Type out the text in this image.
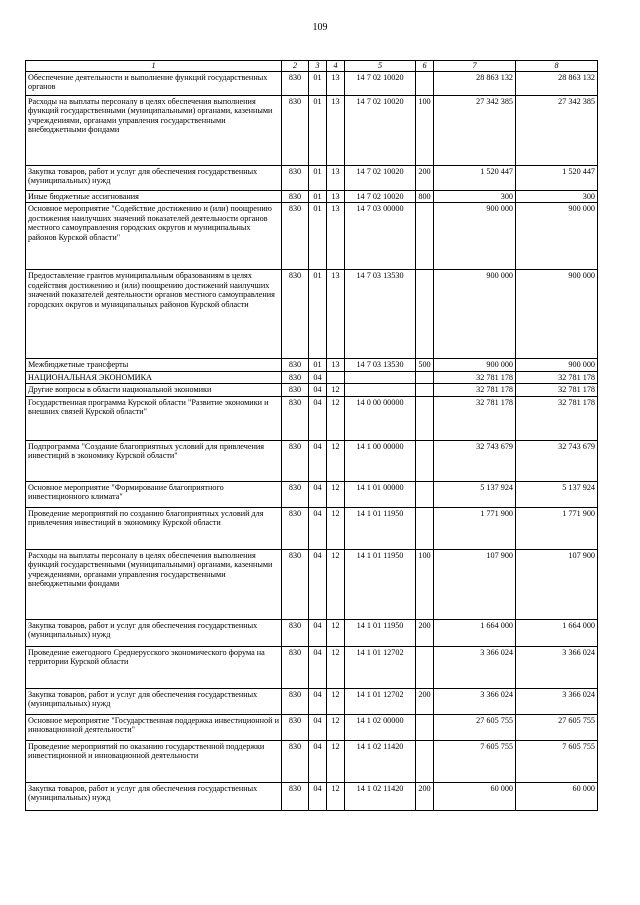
109
1	2	3	4	5	6	7	8
Обеспечение деятельности и выполнение функций государственных органов	830	01	13	14 7 02 10020		28 863 132	28 863 132
Расходы на выплаты персоналу в целях обеспечения выполнения функций государственными (муниципальными) органами, казенными учреждениями, органами управления государственными внебюджетными фондами	830	01	13	14 7 02 10020	100	27 342 385	27 342 385
Закупка товаров, работ и услуг для обеспечения государственных (муниципальных) нужд	830	01	13	14 7 02 10020	200	1 520 447	1 520 447
Иные бюджетные ассигнования	830	01	13	14 7 02 10020	800	300	300
Основное мероприятие "Содействие достижению и (или) поощрению достижения наилучших значений показателей деятельности органов местного самоуправления городских округов и муниципальных районов Курской области"	830	01	13	14 7 03 00000		900 000	900 000
Предоставление грантов муниципальным образованиям в целях содействия достижению и (или) поощрению достижений наилучших значений показателей деятельности органов местного самоуправления городских округов и муниципальных районов Курской области	830	01	13	14 7 03 13530		900 000	900 000
Межбюджетные трансферты	830	01	13	14 7 03 13530	500	900 000	900 000
НАЦИОНАЛЬНАЯ ЭКОНОМИКА	830	04				32 781 178	32 781 178
Другие вопросы в области национальной экономики	830	04	12			32 781 178	32 781 178
Государственная программа Курской области "Развитие экономики и внешних связей Курской области"	830	04	12	14 0 00 00000		32 781 178	32 781 178
Подпрограмма "Создание благоприятных условий для привлечения инвестиций в экономику Курской области"	830	04	12	14 1 00 00000		32 743 679	32 743 679
Основное мероприятие "Формирование благоприятного инвестиционного климата"	830	04	12	14 1 01 00000		5 137 924	5 137 924
Проведение мероприятий по созданию благоприятных условий для привлечения инвестиций в экономику Курской области	830	04	12	14 1 01 11950		1 771 900	1 771 900
Расходы на выплаты персоналу в целях обеспечения выполнения функций государственными (муниципальными) органами, казенными учреждениями, органами управления государственными внебюджетными фондами	830	04	12	14 1 01 11950	100	107 900	107 900
Закупка товаров, работ и услуг для обеспечения государственных (муниципальных) нужд	830	04	12	14 1 01 11950	200	1 664 000	1 664 000
Проведение ежегодного Среднерусского экономического форума на территории Курской области	830	04	12	14 1 01 12702		3 366 024	3 366 024
Закупка товаров, работ и услуг для обеспечения государственных (муниципальных) нужд	830	04	12	14 1 01 12702	200	3 366 024	3 366 024
Основное мероприятие "Государственная поддержка инвестиционной и инновационной деятельности"	830	04	12	14 1 02 00000		27 605 755	27 605 755
Проведение мероприятий по оказанию государственной поддержки инвестиционной и инновационной деятельности	830	04	12	14 1 02 11420		7 605 755	7 605 755
Закупка товаров, работ и услуг для обеспечения государственных (муниципальных) нужд	830	04	12	14 1 02 11420	200	60 000	60 000
